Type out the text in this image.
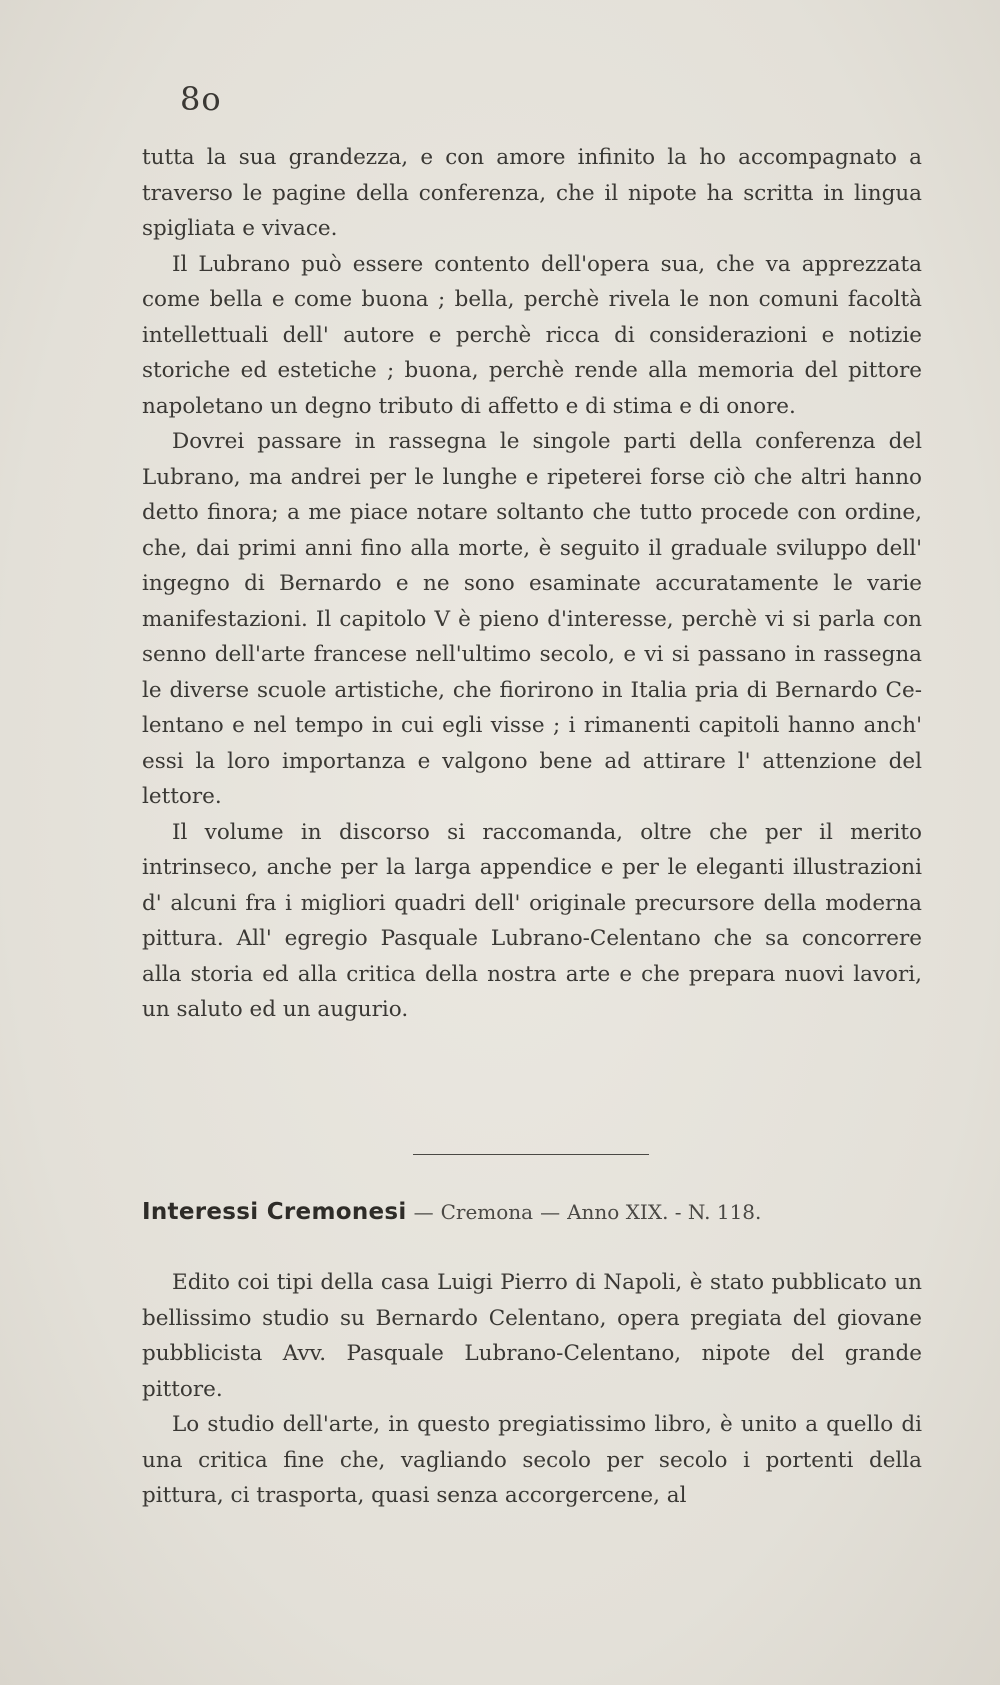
8o

tutta la sua grandezza, e con amore infinito la ho accompagnato a traverso le pagine della conferenza, che il nipote ha scritta in lingua spigliata e vivace.

Il Lubrano può essere contento dell'opera sua, che va apprezzata come bella e come buona ; bella, perchè rivela le non comuni facoltà intellettuali dell' autore e perchè ricca di considerazioni e notizie storiche ed estetiche ; buona, perchè rende alla memoria del pittore napoletano un degno tributo di affetto e di stima e di onore.

Dovrei passare in rassegna le singole parti della conferenza del Lubrano, ma andrei per le lunghe e ripeterei forse ciò che altri hanno detto finora; a me piace notare soltanto che tutto procede con ordine, che, dai primi anni fino alla morte, è seguito il graduale sviluppo dell' ingegno di Bernardo e ne sono esaminate accuratamente le varie manifestazioni. Il capitolo V è pieno d'interesse, perchè vi si parla con senno dell'arte francese nell'ultimo secolo, e vi si passano in rassegna le diverse scuole artistiche, che fiorirono in Italia pria di Bernardo Celentano e nel tempo in cui egli visse ; i rimanenti capitoli hanno anch' essi la loro importanza e valgono bene ad attirare l' attenzione del lettore.

Il volume in discorso si raccomanda, oltre che per il merito intrinseco, anche per la larga appendice e per le eleganti illustrazioni d' alcuni fra i migliori quadri dell' originale precursore della moderna pittura. All' egregio Pasquale Lubrano-Celentano che sa concorrere alla storia ed alla critica della nostra arte e che prepara nuovi lavori, un saluto ed un augurio.

Interessi Cremonesi — Cremona — Anno XIX. - N. 118.

Edito coi tipi della casa Luigi Pierro di Napoli, è stato pubblicato un bellissimo studio su Bernardo Celentano, opera pregiata del giovane pubblicista Avv. Pasquale Lubrano-Celentano, nipote del grande pittore.

Lo studio dell'arte, in questo pregiatissimo libro, è unito a quello di una critica fine che, vagliando secolo per secolo i portenti della pittura, ci trasporta, quasi senza accorgercene, al
